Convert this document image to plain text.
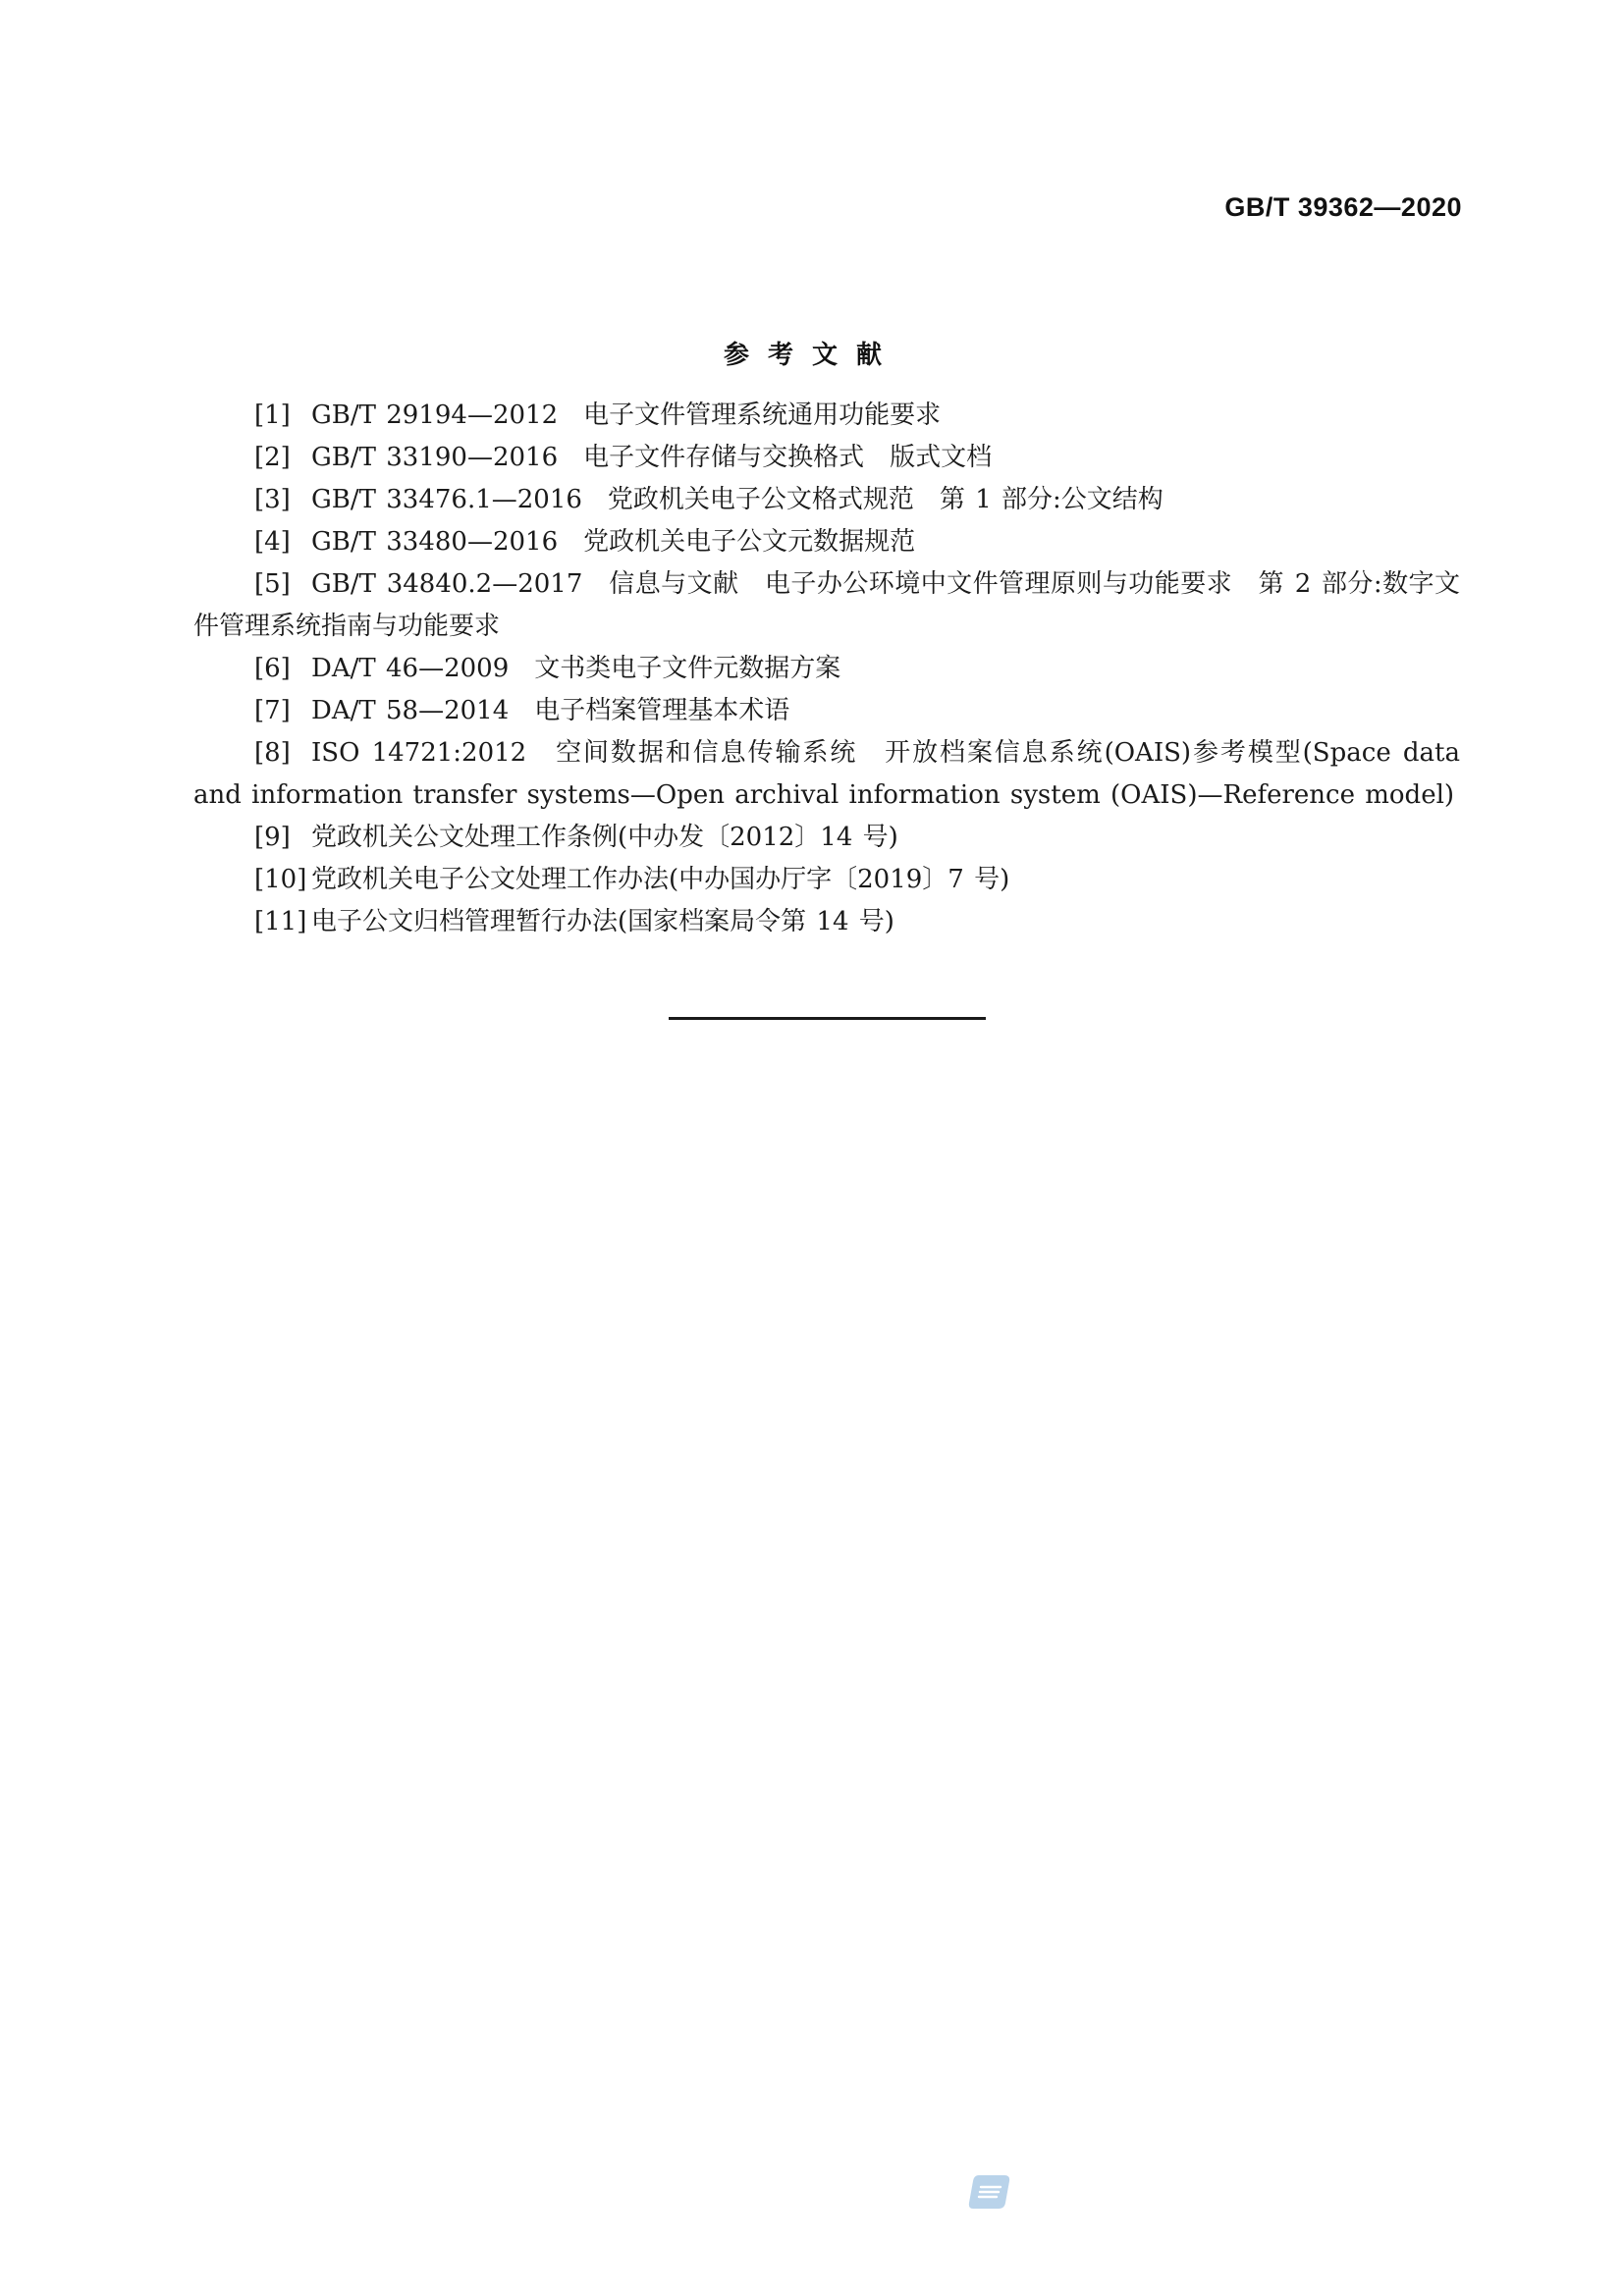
GB/T 39362—2020
参考文献
[1] GB/T 29194—2012　电子文件管理系统通用功能要求
[2] GB/T 33190—2016　电子文件存储与交换格式　版式文档
[3] GB/T 33476.1—2016　党政机关电子公文格式规范　第 1 部分:公文结构
[4] GB/T 33480—2016　党政机关电子公文元数据规范
[5] GB/T 34840.2—2017　信息与文献　电子办公环境中文件管理原则与功能要求　第 2 部分:数字文件管理系统指南与功能要求
[6] DA/T 46—2009　文书类电子文件元数据方案
[7] DA/T 58—2014　电子档案管理基本术语
[8] ISO 14721:2012　空间数据和信息传输系统　开放档案信息系统(OAIS)参考模型(Space data and information transfer systems—Open archival information system (OAIS)—Reference model)
[9] 党政机关公文处理工作条例(中办发〔2012〕14 号)
[10] 党政机关电子公文处理工作办法(中办国办厅字〔2019〕7 号)
[11] 电子公文归档管理暂行办法(国家档案局令第 14 号)
